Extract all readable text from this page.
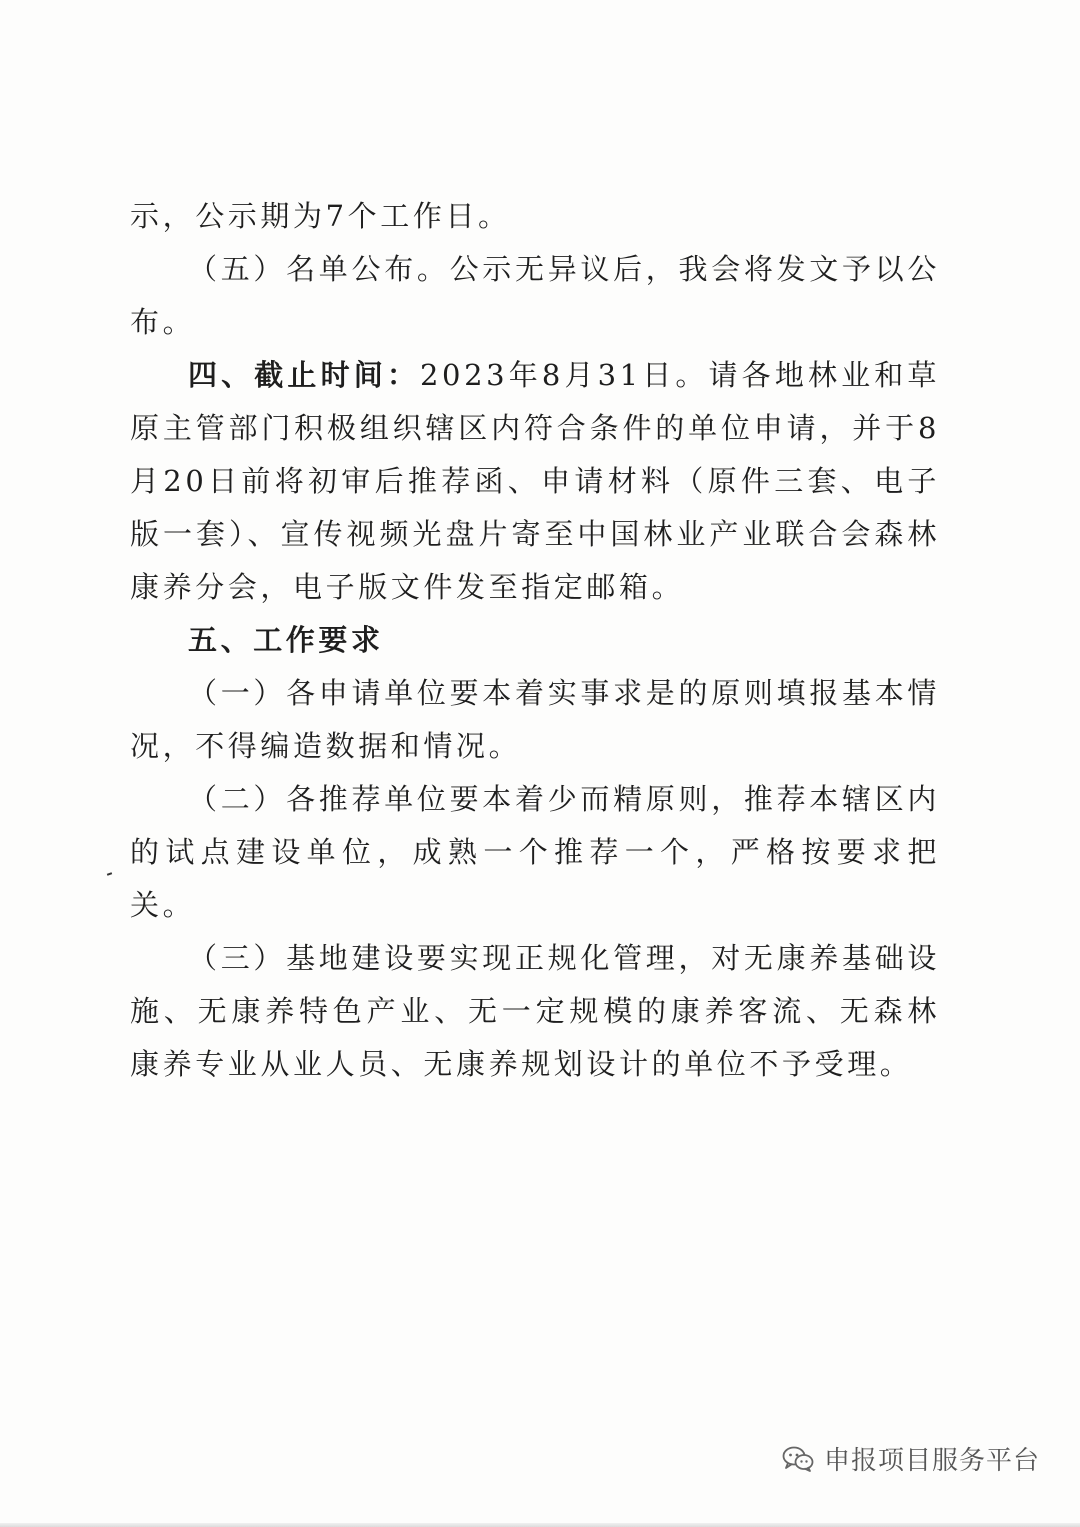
示，公示期为7个工作日。

（五）名单公布。公示无异议后，我会将发文予以公布。

四、截止时间：2023年8月31日。请各地林业和草原主管部门积极组织辖区内符合条件的单位申请，并于8月20日前将初审后推荐函、申请材料（原件三套、电子版一套）、宣传视频光盘片寄至中国林业产业联合会森林康养分会，电子版文件发至指定邮箱。

五、工作要求

（一）各申请单位要本着实事求是的原则填报基本情况，不得编造数据和情况。

（二）各推荐单位要本着少而精原则，推荐本辖区内的试点建设单位，成熟一个推荐一个，严格按要求把关。

（三）基地建设要实现正规化管理，对无康养基础设施、无康养特色产业、无一定规模的康养客流、无森林康养专业从业人员、无康养规划设计的单位不予受理。

申报项目服务平台
